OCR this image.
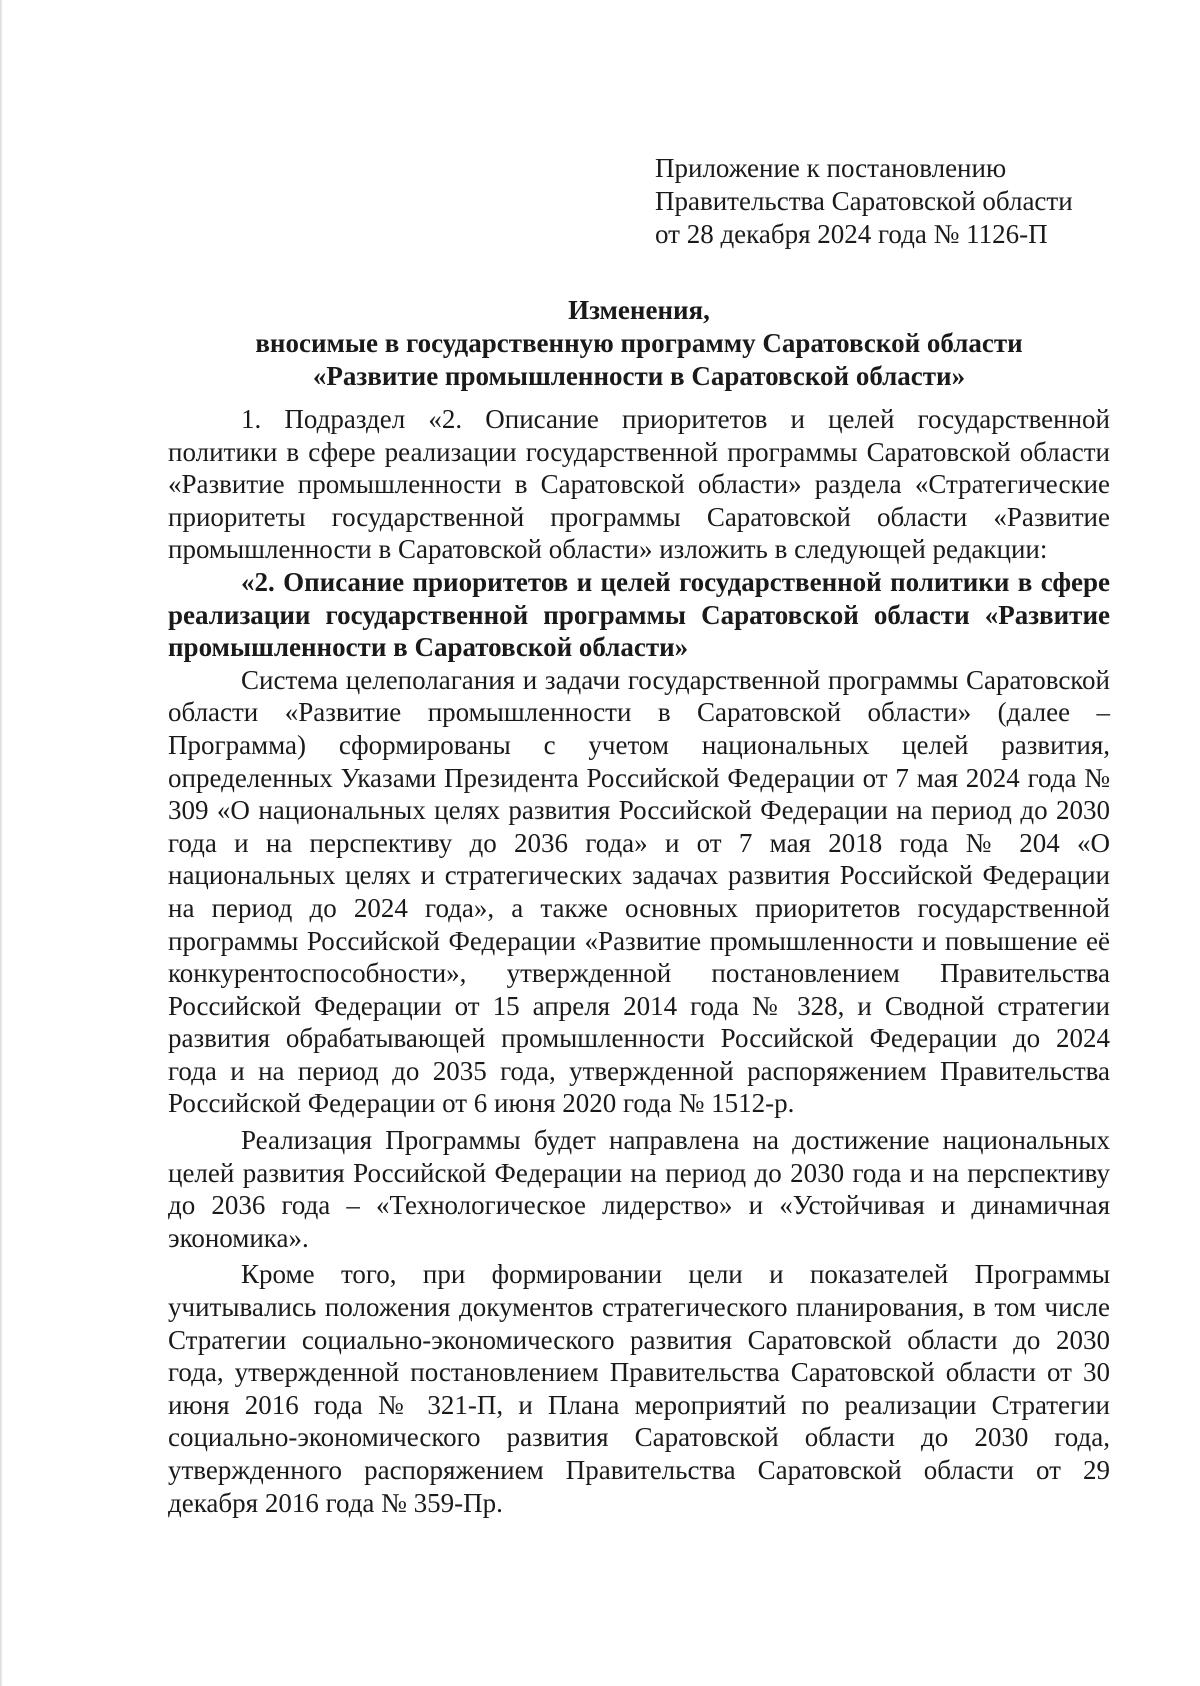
Приложение к постановлению
Правительства Саратовской области
от 28 декабря 2024 года № 1126-П
Изменения,
вносимые в государственную программу Саратовской области
«Развитие промышленности в Саратовской области»

1. Подраздел «2. Описание приоритетов и целей государственной политики в сфере реализации государственной программы Саратовской области «Развитие промышленности в Саратовской области» раздела «Стратегические приоритеты государственной программы Саратовской области «Развитие промышленности в Саратовской области» изложить в следующей редакции:

«2. Описание приоритетов и целей государственной политики в сфере реализации государственной программы Саратовской области «Развитие промышленности в Саратовской области»

Система целеполагания и задачи государственной программы Саратовской области «Развитие промышленности в Саратовской области» (далее – Программа) сформированы с учетом национальных целей развития, определенных Указами Президента Российской Федерации от 7 мая 2024 года № 309 «О национальных целях развития Российской Федерации на период до 2030 года и на перспективу до 2036 года» и от 7 мая 2018 года № 204 «О национальных целях и стратегических задачах развития Российской Федерации на период до 2024 года», а также основных приоритетов государственной программы Российской Федерации «Развитие промышленности и повышение её конкурентоспособности», утвержденной постановлением Правительства Российской Федерации от 15 апреля 2014 года № 328, и Сводной стратегии развития обрабатывающей промышленности Российской Федерации до 2024 года и на период до 2035 года, утвержденной распоряжением Правительства Российской Федерации от 6 июня 2020 года № 1512-р.

Реализация Программы будет направлена на достижение национальных целей развития Российской Федерации на период до 2030 года и на перспективу до 2036 года – «Технологическое лидерство» и «Устойчивая и динамичная экономика».

Кроме того, при формировании цели и показателей Программы учитывались положения документов стратегического планирования, в том числе Стратегии социально-экономического развития Саратовской области до 2030 года, утвержденной постановлением Правительства Саратовской области от 30 июня 2016 года № 321-П, и Плана мероприятий по реализации Стратегии социально-экономического развития Саратовской области до 2030 года, утвержденного распоряжением Правительства Саратовской области от 29 декабря 2016 года № 359-Пр.
